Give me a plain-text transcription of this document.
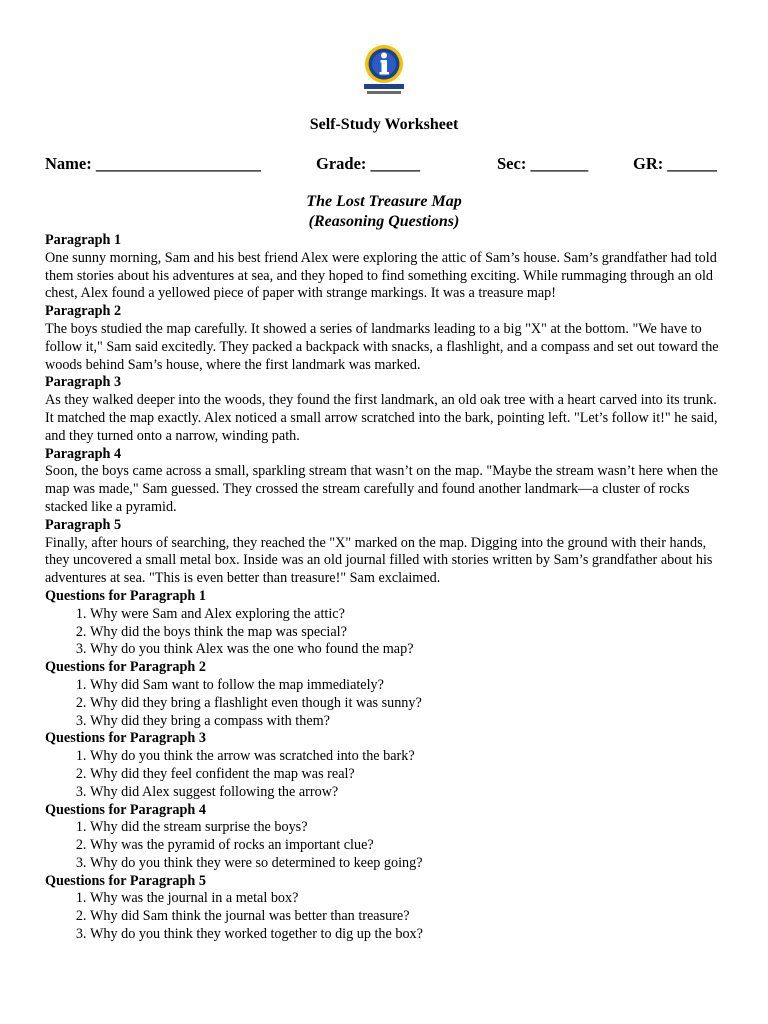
Self-Study Worksheet
Name: ____________________	Grade: ______	Sec: _______	GR: ______
The Lost Treasure Map
(Reasoning Questions)
Paragraph 1

One sunny morning, Sam and his best friend Alex were exploring the attic of Sam’s house. Sam’s grandfather had told them stories about his adventures at sea, and they hoped to find something exciting. While rummaging through an old chest, Alex found a yellowed piece of paper with strange markings. It was a treasure map!

Paragraph 2

The boys studied the map carefully. It showed a series of landmarks leading to a big "X" at the bottom. "We have to follow it," Sam said excitedly. They packed a backpack with snacks, a flashlight, and a compass and set out toward the woods behind Sam’s house, where the first landmark was marked.

Paragraph 3

As they walked deeper into the woods, they found the first landmark, an old oak tree with a heart carved into its trunk. It matched the map exactly. Alex noticed a small arrow scratched into the bark, pointing left. "Let’s follow it!" he said, and they turned onto a narrow, winding path.

Paragraph 4

Soon, the boys came across a small, sparkling stream that wasn’t on the map. "Maybe the stream wasn’t here when the map was made," Sam guessed. They crossed the stream carefully and found another landmark—a cluster of rocks stacked like a pyramid.

Paragraph 5

Finally, after hours of searching, they reached the "X" marked on the map. Digging into the ground with their hands, they uncovered a small metal box. Inside was an old journal filled with stories written by Sam’s grandfather about his adventures at sea. "This is even better than treasure!" Sam exclaimed.

Questions for Paragraph 1
1. Why were Sam and Alex exploring the attic?
2. Why did the boys think the map was special?
3. Why do you think Alex was the one who found the map?
Questions for Paragraph 2
1. Why did Sam want to follow the map immediately?
2. Why did they bring a flashlight even though it was sunny?
3. Why did they bring a compass with them?
Questions for Paragraph 3
1. Why do you think the arrow was scratched into the bark?
2. Why did they feel confident the map was real?
3. Why did Alex suggest following the arrow?
Questions for Paragraph 4
1. Why did the stream surprise the boys?
2. Why was the pyramid of rocks an important clue?
3. Why do you think they were so determined to keep going?
Questions for Paragraph 5
1. Why was the journal in a metal box?
2. Why did Sam think the journal was better than treasure?
3. Why do you think they worked together to dig up the box?
